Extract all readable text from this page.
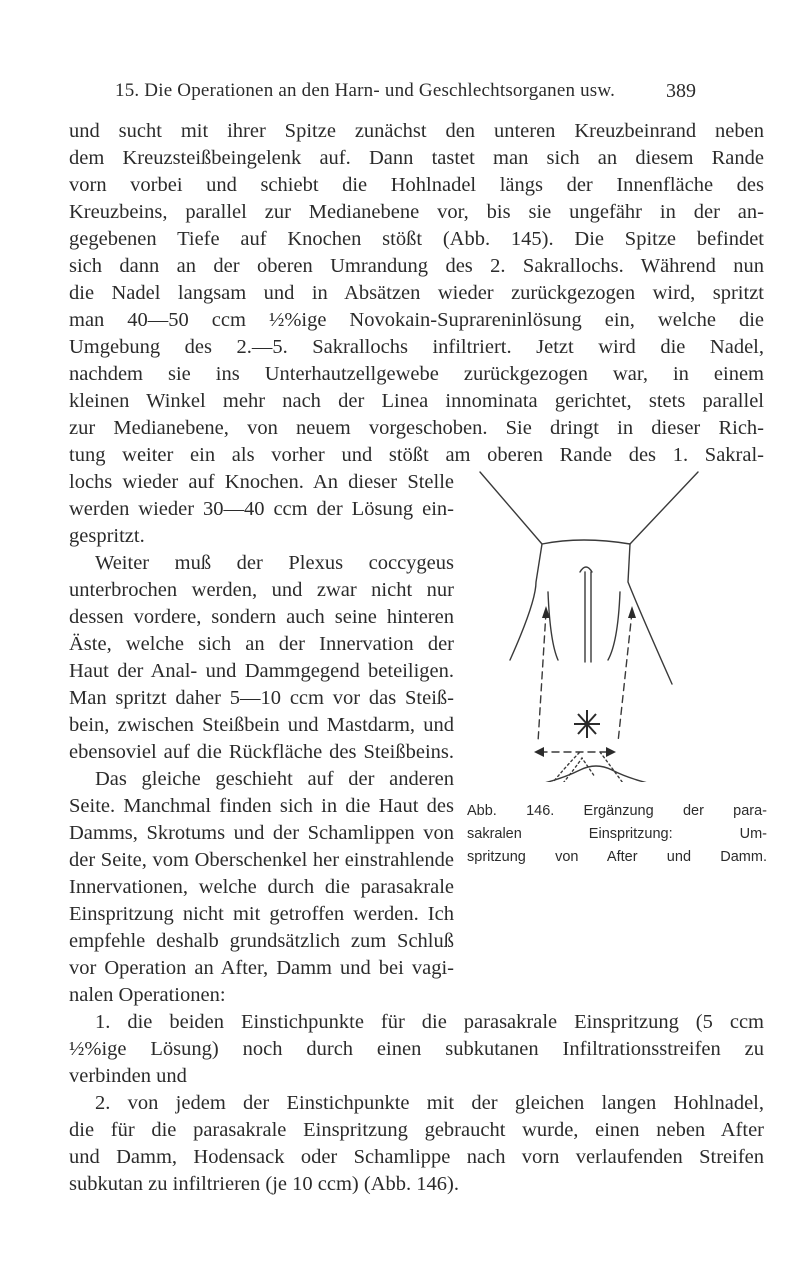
15. Die Operationen an den Harn- und Geschlechtsorganen usw.	389
und sucht mit ihrer Spitze zunächst den unteren Kreuzbeinrand neben
dem Kreuzsteißbeingelenk auf. Dann tastet man sich an diesem Rande
vorn vorbei und schiebt die Hohlnadel längs der Innenfläche des
Kreuzbeins, parallel zur Medianebene vor, bis sie ungefähr in der an-
gegebenen Tiefe auf Knochen stößt (Abb. 145). Die Spitze befindet
sich dann an der oberen Umrandung des 2. Sakrallochs. Während nun
die Nadel langsam und in Absätzen wieder zurückgezogen wird, spritzt
man 40—50 ccm ½%ige Novokain-Suprareninlösung ein, welche die
Umgebung des 2.—5. Sakrallochs infiltriert. Jetzt wird die Nadel,
nachdem sie ins Unterhautzellgewebe zurückgezogen war, in einem
kleinen Winkel mehr nach der Linea innominata gerichtet, stets parallel
zur Medianebene, von neuem vorgeschoben. Sie dringt in dieser Rich-
tung weiter ein als vorher und stößt am oberen Rande des 1. Sakral-
lochs wieder auf Knochen. An dieser Stelle
werden wieder 30—40 ccm der Lösung ein-
gespritzt.
Weiter muß der Plexus coccygeus
unterbrochen werden, und zwar nicht nur
dessen vordere, sondern auch seine hinteren
Äste, welche sich an der Innervation der
Haut der Anal- und Dammgegend beteiligen.
Man spritzt daher 5—10 ccm vor das Steiß-
bein, zwischen Steißbein und Mastdarm, und
ebensoviel auf die Rückfläche des Steißbeins.
Das gleiche geschieht auf der anderen
Seite. Manchmal finden sich in die Haut des
Damms, Skrotums und der Schamlippen von
der Seite, vom Oberschenkel her einstrahlende
Innervationen, welche durch die parasakrale
Einspritzung nicht mit getroffen werden. Ich
empfehle deshalb grundsätzlich zum Schluß
vor Operation an After, Damm und bei vagi-
Abb. 146. Ergänzung der para-
sakralen Einspritzung: Um-
spritzung von After und Damm.
nalen Operationen:
1. die beiden Einstichpunkte für die parasakrale Einspritzung (5 ccm
½%ige Lösung) noch durch einen subkutanen Infiltrationsstreifen zu
verbinden und
2. von jedem der Einstichpunkte mit der gleichen langen Hohlnadel,
die für die parasakrale Einspritzung gebraucht wurde, einen neben After
und Damm, Hodensack oder Schamlippe nach vorn verlaufenden Streifen
subkutan zu infiltrieren (je 10 ccm) (Abb. 146).
